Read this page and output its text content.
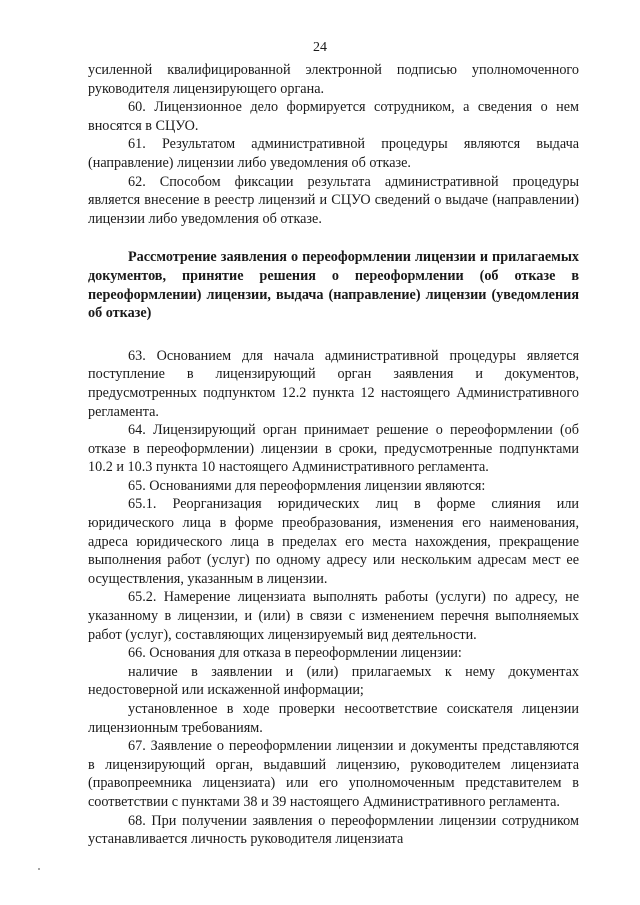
24

усиленной квалифицированной электронной подписью уполномоченного руководителя лицензирующего органа.

60. Лицензионное дело формируется сотрудником, а сведения о нем вносятся в СЦУО.

61. Результатом административной процедуры являются выдача (направление) лицензии либо уведомления об отказе.

62. Способом фиксации результата административной процедуры является внесение в реестр лицензий и СЦУО сведений о выдаче (направлении) лицензии либо уведомления об отказе.

Рассмотрение заявления о переоформлении лицензии и прилагаемых документов, принятие решения о переоформлении (об отказе в переоформлении) лицензии, выдача (направление) лицензии (уведомления об отказе)

63. Основанием для начала административной процедуры является поступление в лицензирующий орган заявления и документов, предусмотренных подпунктом 12.2 пункта 12 настоящего Административного регламента.

64. Лицензирующий орган принимает решение о переоформлении (об отказе в переоформлении) лицензии в сроки, предусмотренные подпунктами 10.2 и 10.3 пункта 10 настоящего Административного регламента.

65. Основаниями для переоформления лицензии являются:

65.1. Реорганизация юридических лиц в форме слияния или юридического лица в форме преобразования, изменения его наименования, адреса юридического лица в пределах его места нахождения, прекращение выполнения работ (услуг) по одному адресу или нескольким адресам мест ее осуществления, указанным в лицензии.

65.2. Намерение лицензиата выполнять работы (услуги) по адресу, не указанному в лицензии, и (или) в связи с изменением перечня выполняемых работ (услуг), составляющих лицензируемый вид деятельности.

66. Основания для отказа в переоформлении лицензии:

наличие в заявлении и (или) прилагаемых к нему документах недостоверной или искаженной информации;

установленное в ходе проверки несоответствие соискателя лицензии лицензионным требованиям.

67. Заявление о переоформлении лицензии и документы представляются в лицензирующий орган, выдавший лицензию, руководителем лицензиата (правопреемника лицензиата) или его уполномоченным представителем в соответствии с пунктами 38 и 39 настоящего Административного регламента.

68. При получении заявления о переоформлении лицензии сотрудником устанавливается личность руководителя лицензиата
